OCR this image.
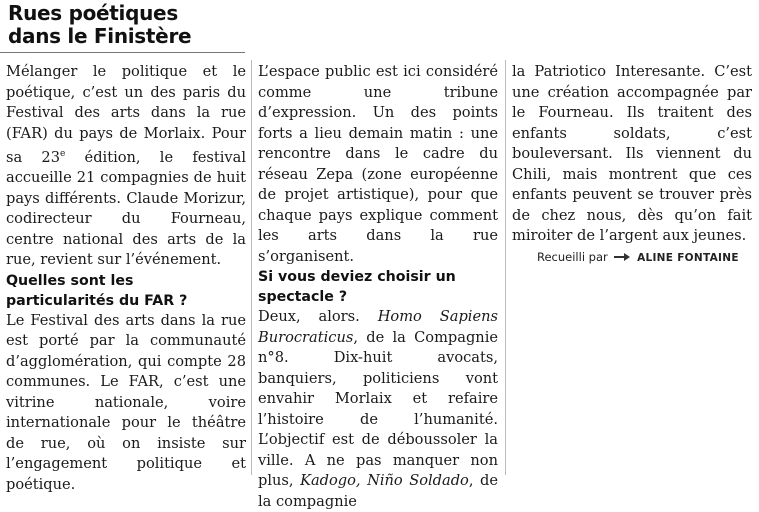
Rues poétiques
dans le Finistère

Mélanger le politique et le poétique, c’est un des paris du Festival des arts dans la rue (FAR) du pays de Morlaix. Pour sa 23e édition, le festival accueille 21 compagnies de huit pays différents. Claude Morizur, codirecteur du Fourneau, centre national des arts de la rue, revient sur l’événement.

Quelles sont les particularités du FAR ?

Le Festival des arts dans la rue est porté par la communauté d’agglomération, qui compte 28 communes. Le FAR, c’est une vitrine nationale, voire internationale pour le théâtre de rue, où on insiste sur l’engagement politique et poétique.

L’espace public est ici considéré comme une tribune d’expression. Un des points forts a lieu demain matin : une rencontre dans le cadre du réseau Zepa (zone européenne de projet artistique), pour que chaque pays explique comment les arts dans la rue s’organisent.

Si vous deviez choisir un spectacle ?

Deux, alors. Homo Sapiens Burocraticus, de la Compagnie n°8. Dix-huit avocats, banquiers, politiciens vont envahir Morlaix et refaire l’histoire de l’humanité. L’objectif est de déboussoler la ville. A ne pas manquer non plus, Kadogo, Niño Soldado, de la compagnie

la Patriotico Interesante. C’est une création accompagnée par le Fourneau. Ils traitent des enfants soldats, c’est bouleversant. Ils viennent du Chili, mais montrent que ces enfants peuvent se trouver près de chez nous, dès qu’on fait miroiter de l’argent aux jeunes.

Recueilli par	ALINE FONTAINE
